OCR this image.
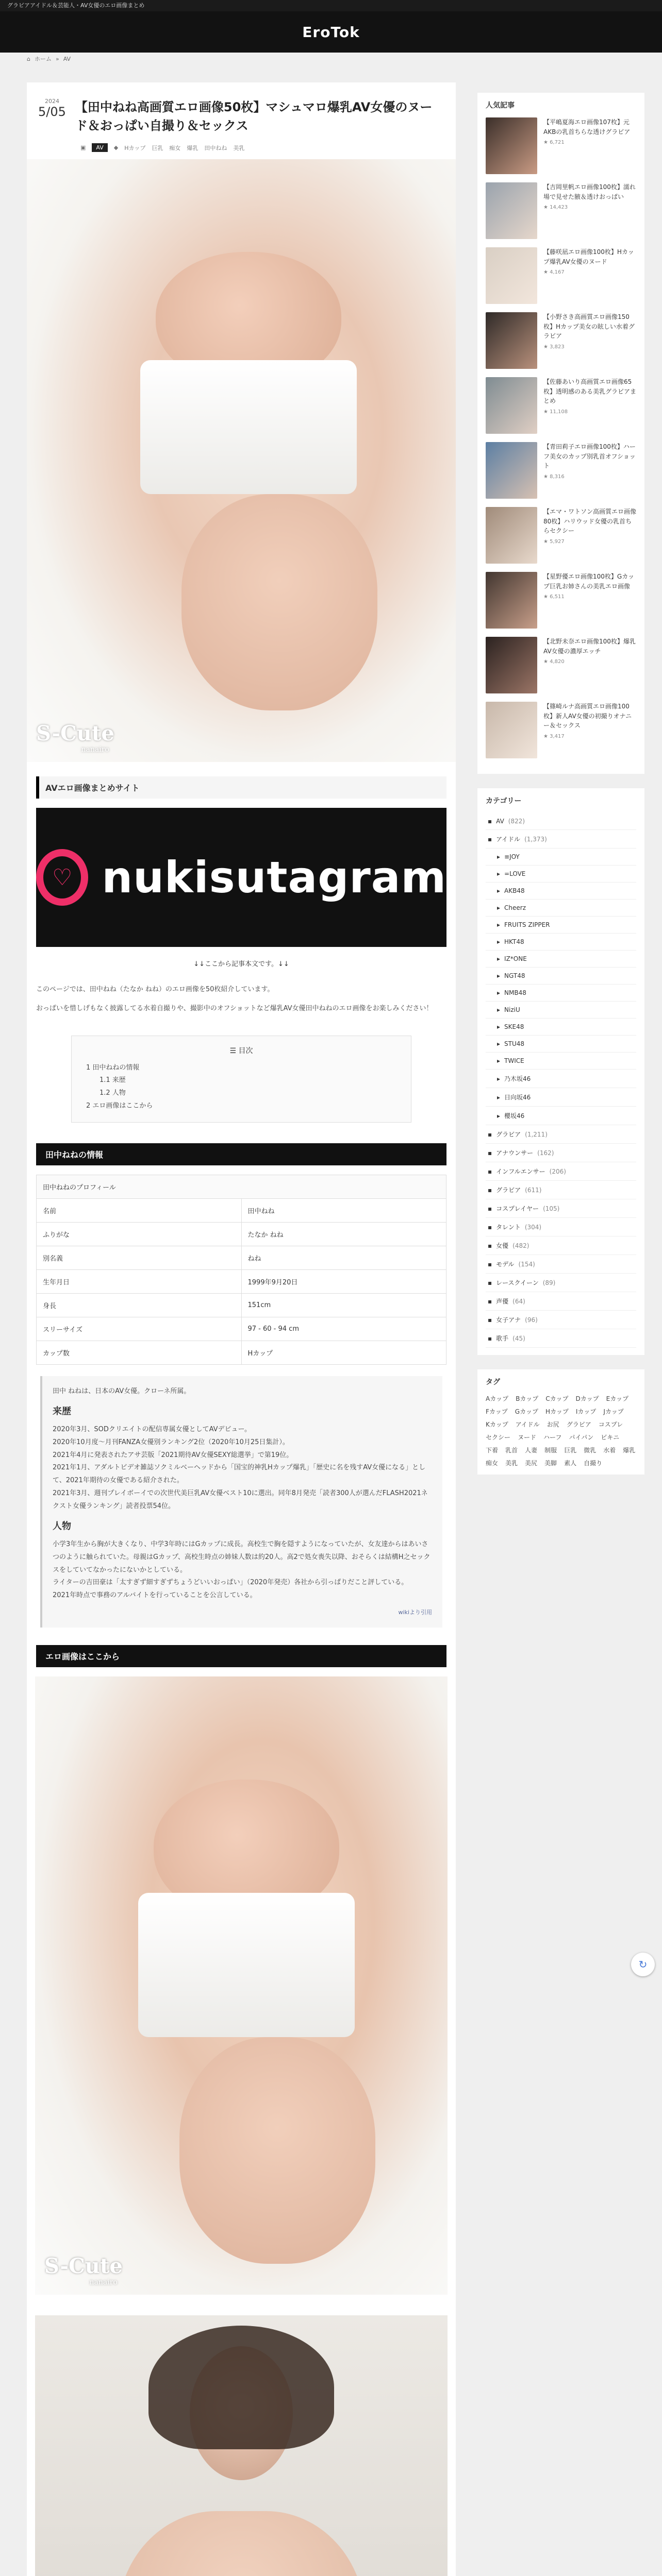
グラビアアイドル＆芸能人・AV女優のエロ画像まとめ
EroTok
⌂ ホーム » AV
2024
5/05 【田中ねね高画質エロ画像50枚】マシュマロ爆乳AV女優のヌード＆おっぱい自撮り＆セックス
▣	AV	◆ Hカップ 巨乳 痴女 爆乳 田中ねね 美乳
S-Cute
nanairo
AVエロ画像まとめサイト
♡ nukisutagram
↓↓ここから記事本文です。↓↓

このページでは、田中ねね（たなか ねね）のエロ画像を50枚紹介しています。

おっぱいを惜しげもなく披露してる水着自撮りや、撮影中のオフショットなど爆乳AV女優田中ねねのエロ画像をお楽しみください！

☰ 目次
1 田中ねねの情報
1.1 来歴
1.2 人物
2 エロ画像はここから
田中ねねの情報
田中ねねのプロフィール	
名前	田中ねね
ふりがな	たなか ねね
別名義	ねね
生年月日	1999年9月20日
身長	151cm
スリーサイズ	97 - 60 - 94 cm
カップ数	Hカップ

田中 ねねは、日本のAV女優。クローネ所属。

来歴

2020年3月、SODクリエイトの配信専属女優としてAVデビュー。

2020年10月度～月刊FANZA女優別ランキング2位（2020年10月25日集計）。

2021年4月に発表されたアサ芸版「2021期待AV女優SEXY総選挙」で第19位。

2021年1月、アダルトビデオ雑誌ソクミルベーヘッドから「国宝的神乳Hカップ爆乳」「歴史に名を残すAV女優になる」として、2021年期待の女優である紹介された。

2021年3月、週刊プレイボーイでの次世代美巨乳AV女優ベスト10に選出。同年8月発売「読者300人が選んだFLASH2021ネクスト女優ランキング」読者投票54位。

人物

小学3年生から胸が大きくなり、中学3年時にはGカップに成長。高校生で胸を隠すようになっていたが、女友達からはあいさつのように触られていた。母親はGカップ、高校生時点の姉妹人数は約20人。高2で処女喪失以降、おそらくは結構H之セックスをしていてなかったにないかとしている。

ライターの吉田豪は「太すぎず細すぎずちょうどいいおっぱい」（2020年発売）各社から引っぱりだこと評している。

2021年時点で事務のアルバイトを行っていることを公言している。

wikiより引用
エロ画像はここから
S-Cute
nanairo
人気記事
【平嶋夏海エロ画像107枚】元AKBの乳首ちらな透けグラビア
★ 6,721
【吉岡里帆エロ画像100枚】濡れ場で見せた腋＆透けおっぱい
★ 14,423
【藤咲凪エロ画像100枚】Hカップ爆乳AV女優のヌード
★ 4,167
【小野さき高画質エロ画像150枚】Hカップ美女の眩しい水着グラビア
★ 3,823
【佐藤あいり高画質エロ画像65枚】透明感のある美乳グラビアまとめ
★ 11,108
【青田莉子エロ画像100枚】ハーフ美女のカップ別乳首オフショット
★ 8,316
【エマ・ワトソン高画質エロ画像80枚】ハリウッド女優の乳首ちらセクシー
★ 5,927
【星野優エロ画像100枚】Gカップ巨乳お姉さんの美乳エロ画像
★ 6,511
【北野未奈エロ画像100枚】爆乳AV女優の濃厚エッチ
★ 4,820
【篠崎ルナ高画質エロ画像100枚】新人AV女優の初撮りオナニー＆セックス
★ 3,417
カテゴリー
▪ AV (822)
▪ アイドル (1,373)
▸ ≡JOY
▸ =LOVE
▸ AKB48
▸ Cheerz
▸ FRUITS ZIPPER
▸ HKT48
▸ IZ*ONE
▸ NGT48
▸ NMB48
▸ NiziU
▸ SKE48
▸ STU48
▸ TWICE
▸ 乃木坂46
▸ 日向坂46
▸ 櫻坂46
▪ グラビア (1,211)
▪ アナウンサー (162)
▪ インフルエンサー (206)
▪ グラビア (611)
▪ コスプレイヤー (105)
▪ タレント (304)
▪ 女優 (482)
▪ モデル (154)
▪ レースクイーン (89)
▪ 声優 (64)
▪ 女子アナ (96)
▪ 歌手 (45)
タグ
Aカップ Bカップ Cカップ Dカップ Eカップ
Fカップ Gカップ Hカップ Iカップ Jカップ
Kカップ アイドル お尻 グラビア コスプレ
セクシー ヌード ハーフ パイパン ビキニ
下着 乳首 人妻 制服 巨乳 微乳 水着 爆乳
痴女 美乳 美尻 美脚 素人 自撮り
↻
